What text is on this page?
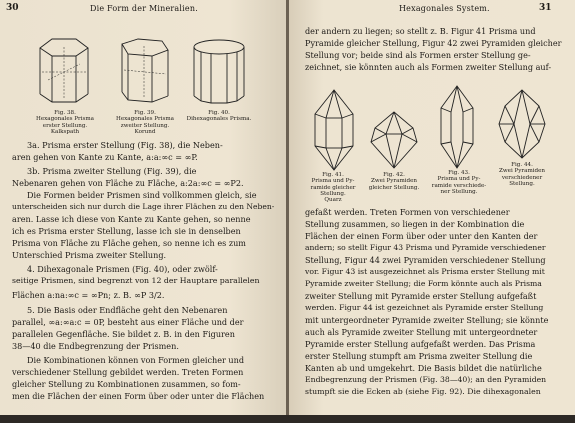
30	Die Form der Mineralien.
Fig. 38.
Hexagonales Prisma
erster Stellung.
Kalkspath
Fig. 39.
Hexagonales Prisma
zweiter Stellung.
Korund
Fig. 40.
Dihexagonales Prisma.
3a. Prisma erster Stellung (Fig. 38), die Neben-
aren gehen von Kante zu Kante, a:a:∞c = ∞P.
3b. Prisma zweiter Stellung (Fig. 39), die
Nebenaren gehen von Fläche zu Fläche, a:2a:∞c = ∞P2.
Die Formen beider Prismen sind vollkommen gleich, sie
unterscheiden sich nur durch die Lage ihrer Flächen zu den Neben-
aren. Lasse ich diese von Kante zu Kante gehen, so nenne
ich es Prisma erster Stellung, lasse ich sie in denselben
Prisma von Fläche zu Fläche gehen, so nenne ich es zum
Unterschied Prisma zweiter Stellung.
4. Dihexagonale Prismen (Fig. 40), oder zwölf-
seitige Prismen, sind begrenzt von 12 der Hauptare parallelen
Flächen a:na:∞c = ∞Pn; z. B. ∞P 3/2.
5. Die Basis oder Endfläche geht den Nebenaren
parallel, ∞a:∞a:c = 0P, besteht aus einer Fläche und der
parallelen Gegenfläche. Sie bildet z. B. in den Figuren
38—40 die Endbegrenzung der Prismen.
Die Kombinationen können von Formen gleicher und
verschiedener Stellung gebildet werden. Treten Formen
gleicher Stellung zu Kombinationen zusammen, so fom-
men die Flächen der einen Form über oder unter die Flächen
Hexagonales System.	31
der andern zu liegen; so stellt z. B. Figur 41 Prisma und
Pyramide gleicher Stellung, Figur 42 zwei Pyramiden gleicher
Stellung vor; beide sind als Formen erster Stellung ge-
zeichnet, sie könnten auch als Formen zweiter Stellung auf-
Fig. 41.
Prisma und Py-
ramide gleicher
Stellung.
Quarz
Fig. 42.
Zwei Pyramiden
gleicher Stellung.
Fig. 43.
Prisma und Py-
ramide verschiede-
ner Stellung.
Fig. 44.
Zwei Pyramiden
verschiedener
Stellung.
gefaßt werden. Treten Formen von verschiedener
Stellung zusammen, so liegen in der Kombination die
Flächen der einen Form über oder unter den Kanten der
andern; so stellt Figur 43 Prisma und Pyramide verschiedener
Stellung, Figur 44 zwei Pyramiden verschiedener Stellung
vor. Figur 43 ist ausgezeichnet als Prisma erster Stellung mit
Pyramide zweiter Stellung; die Form könnte auch als Prisma
zweiter Stellung mit Pyramide erster Stellung aufgefaßt
werden. Figur 44 ist gezeichnet als Pyramide erster Stellung
mit untergeordneter Pyramide zweiter Stellung; sie könnte
auch als Pyramide zweiter Stellung mit untergeordneter
Pyramide erster Stellung aufgefaßt werden. Das Prisma
erster Stellung stumpft am Prisma zweiter Stellung die
Kanten ab und umgekehrt. Die Basis bildet die natürliche
Endbegrenzung der Prismen (Fig. 38—40); an den Pyramiden
stumpft sie die Ecken ab (siehe Fig. 92). Die dihexagonalen
